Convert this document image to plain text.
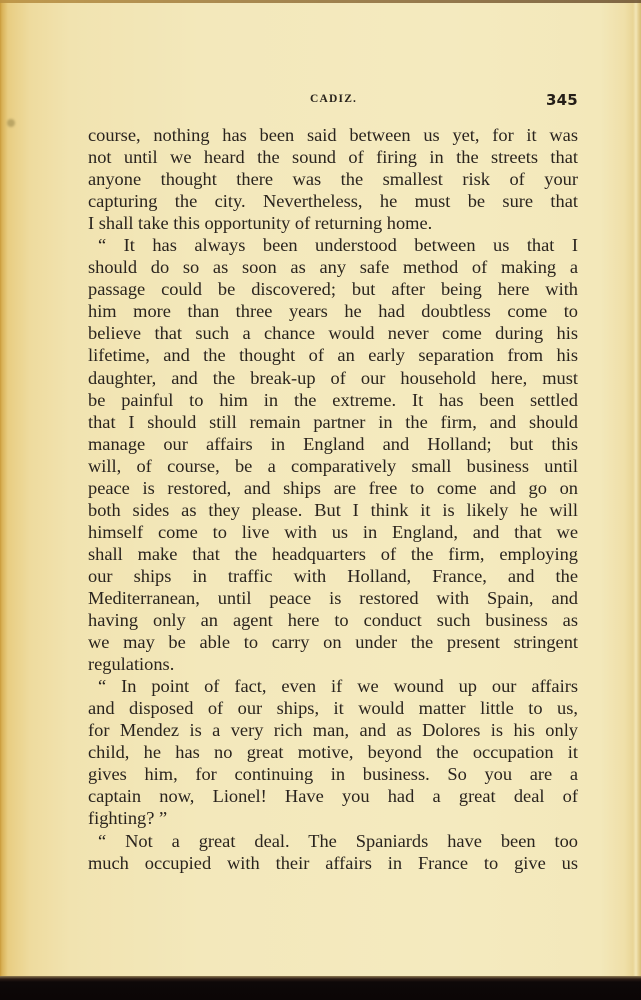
CADIZ.	345
course, nothing has been said between us yet, for it was
not until we heard the sound of firing in the streets that
anyone thought there was the smallest risk of your
capturing the city. Nevertheless, he must be sure that
I shall take this opportunity of returning home.
“ It has always been understood between us that I
should do so as soon as any safe method of making a
passage could be discovered; but after being here with
him more than three years he had doubtless come to
believe that such a chance would never come during his
lifetime, and the thought of an early separation from his
daughter, and the break-up of our household here, must
be painful to him in the extreme. It has been settled
that I should still remain partner in the firm, and should
manage our affairs in England and Holland; but this
will, of course, be a comparatively small business until
peace is restored, and ships are free to come and go on
both sides as they please. But I think it is likely he will
himself come to live with us in England, and that we
shall make that the headquarters of the firm, employing
our ships in traffic with Holland, France, and the
Mediterranean, until peace is restored with Spain, and
having only an agent here to conduct such business as
we may be able to carry on under the present stringent
regulations.
“ In point of fact, even if we wound up our affairs
and disposed of our ships, it would matter little to us,
for Mendez is a very rich man, and as Dolores is his only
child, he has no great motive, beyond the occupation it
gives him, for continuing in business. So you are a
captain now, Lionel! Have you had a great deal of
fighting? ”
“ Not a great deal. The Spaniards have been too
much occupied with their affairs in France to give us
